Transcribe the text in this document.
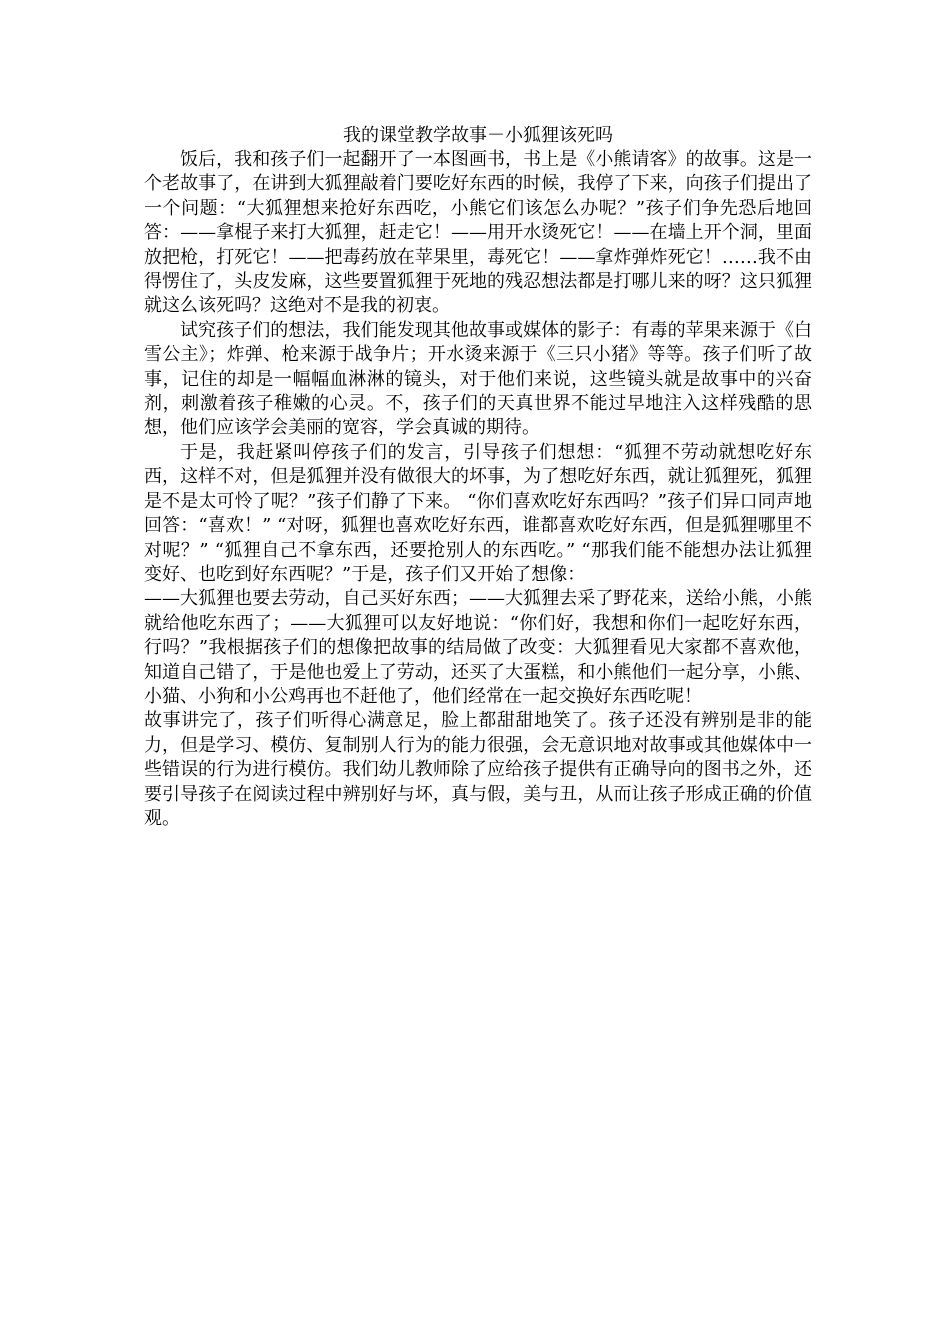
我的课堂教学故事－小狐狸该死吗

饭后，我和孩子们一起翻开了一本图画书，书上是《小熊请客》的故事。这是一个老故事了，在讲到大狐狸敲着门要吃好东西的时候，我停了下来，向孩子们提出了一个问题：“大狐狸想来抢好东西吃，小熊它们该怎么办呢？”孩子们争先恐后地回答：——拿棍子来打大狐狸，赶走它！——用开水烫死它！——在墙上开个洞，里面放把枪，打死它！——把毒药放在苹果里，毒死它！——拿炸弹炸死它！……我不由得愣住了，头皮发麻，这些要置狐狸于死地的残忍想法都是打哪儿来的呀？这只狐狸就这么该死吗？这绝对不是我的初衷。

试究孩子们的想法，我们能发现其他故事或媒体的影子：有毒的苹果来源于《白雪公主》；炸弹、枪来源于战争片；开水烫来源于《三只小猪》等等。孩子们听了故事，记住的却是一幅幅血淋淋的镜头，对于他们来说，这些镜头就是故事中的兴奋剂，刺激着孩子稚嫩的心灵。不，孩子们的天真世界不能过早地注入这样残酷的思想，他们应该学会美丽的宽容，学会真诚的期待。

于是，我赶紧叫停孩子们的发言，引导孩子们想想：“狐狸不劳动就想吃好东西，这样不对，但是狐狸并没有做很大的坏事，为了想吃好东西，就让狐狸死，狐狸是不是太可怜了呢？”孩子们静了下来。 “你们喜欢吃好东西吗？”孩子们异口同声地回答：“喜欢！” “对呀，狐狸也喜欢吃好东西，谁都喜欢吃好东西，但是狐狸哪里不对呢？” “狐狸自己不拿东西，还要抢别人的东西吃。” “那我们能不能想办法让狐狸变好、也吃到好东西呢？”于是，孩子们又开始了想像：

——大狐狸也要去劳动，自己买好东西；——大狐狸去采了野花来，送给小熊，小熊就给他吃东西了；——大狐狸可以友好地说：“你们好，我想和你们一起吃好东西，行吗？”我根据孩子们的想像把故事的结局做了改变：大狐狸看见大家都不喜欢他，知道自己错了，于是他也爱上了劳动，还买了大蛋糕，和小熊他们一起分享，小熊、小猫、小狗和小公鸡再也不赶他了，他们经常在一起交换好东西吃呢！

故事讲完了，孩子们听得心满意足，脸上都甜甜地笑了。孩子还没有辨别是非的能力，但是学习、模仿、复制别人行为的能力很强，会无意识地对故事或其他媒体中一些错误的行为进行模仿。我们幼儿教师除了应给孩子提供有正确导向的图书之外，还要引导孩子在阅读过程中辨别好与坏，真与假，美与丑，从而让孩子形成正确的价值观。
